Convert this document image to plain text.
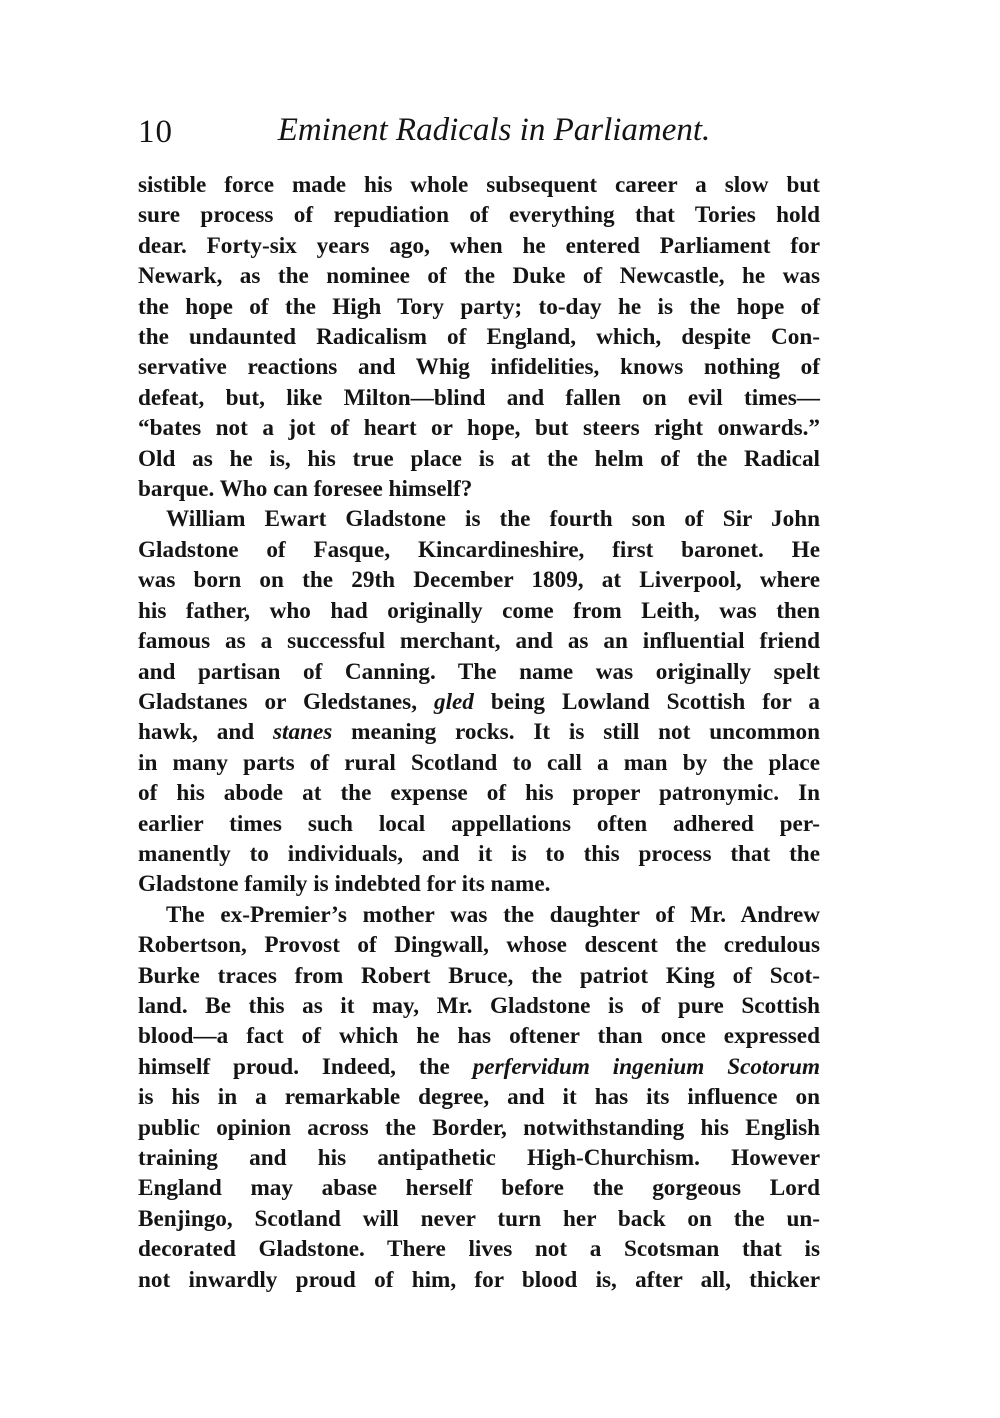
10	Eminent Radicals in Parliament.
sistible force made his whole subsequent career a slow but
sure process of repudiation of everything that Tories hold
dear. Forty-six years ago, when he entered Parliament for
Newark, as the nominee of the Duke of Newcastle, he was
the hope of the High Tory party; to-day he is the hope of
the undaunted Radicalism of England, which, despite Con-
servative reactions and Whig infidelities, knows nothing of
defeat, but, like Milton—blind and fallen on evil times—
“bates not a jot of heart or hope, but steers right onwards.”
Old as he is, his true place is at the helm of the Radical
barque. Who can foresee himself?
William Ewart Gladstone is the fourth son of Sir John
Gladstone of Fasque, Kincardineshire, first baronet. He
was born on the 29th December 1809, at Liverpool, where
his father, who had originally come from Leith, was then
famous as a successful merchant, and as an influential friend
and partisan of Canning. The name was originally spelt
Gladstanes or Gledstanes, gled being Lowland Scottish for a
hawk, and stanes meaning rocks. It is still not uncommon
in many parts of rural Scotland to call a man by the place
of his abode at the expense of his proper patronymic. In
earlier times such local appellations often adhered per-
manently to individuals, and it is to this process that the
Gladstone family is indebted for its name.
The ex-Premier’s mother was the daughter of Mr. Andrew
Robertson, Provost of Dingwall, whose descent the credulous
Burke traces from Robert Bruce, the patriot King of Scot-
land. Be this as it may, Mr. Gladstone is of pure Scottish
blood—a fact of which he has oftener than once expressed
himself proud. Indeed, the perfervidum ingenium Scotorum
is his in a remarkable degree, and it has its influence on
public opinion across the Border, notwithstanding his English
training and his antipathetic High-Churchism. However
England may abase herself before the gorgeous Lord
Benjingo, Scotland will never turn her back on the un-
decorated Gladstone. There lives not a Scotsman that is
not inwardly proud of him, for blood is, after all, thicker
